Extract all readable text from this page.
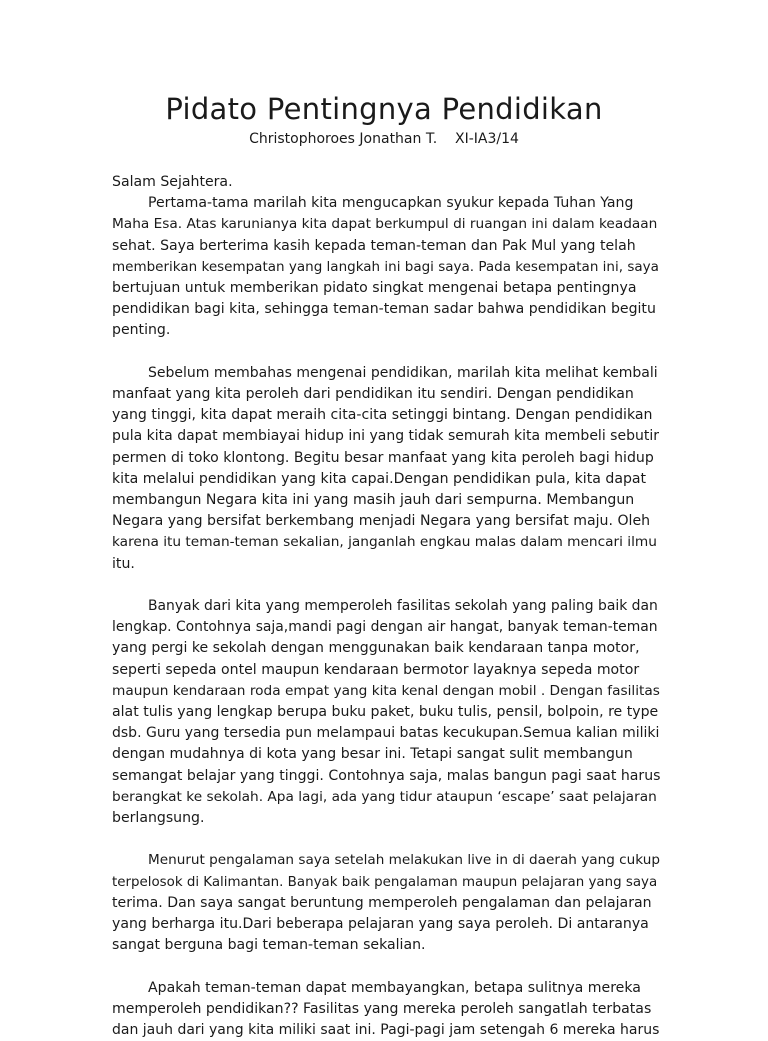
Pidato Pentingnya Pendidikan
Christophoroes Jonathan T. XI-IA3/14
Salam Sejahtera.
Pertama-tama marilah kita mengucapkan syukur kepada Tuhan Yang
Maha Esa. Atas karunianya kita dapat berkumpul di ruangan ini dalam keadaan
sehat. Saya berterima kasih kepada teman-teman dan Pak Mul yang telah
memberikan kesempatan yang langkah ini bagi saya. Pada kesempatan ini, saya
bertujuan untuk memberikan pidato singkat mengenai betapa pentingnya
pendidikan bagi kita, sehingga teman-teman sadar bahwa pendidikan begitu
penting.
Sebelum membahas mengenai pendidikan, marilah kita melihat kembali
manfaat yang kita peroleh dari pendidikan itu sendiri. Dengan pendidikan
yang tinggi, kita dapat meraih cita-cita setinggi bintang. Dengan pendidikan
pula kita dapat membiayai hidup ini yang tidak semurah kita membeli sebutir
permen di toko klontong. Begitu besar manfaat yang kita peroleh bagi hidup
kita melalui pendidikan yang kita capai.Dengan pendidikan pula, kita dapat
membangun Negara kita ini yang masih jauh dari sempurna. Membangun
Negara yang bersifat berkembang menjadi Negara yang bersifat maju. Oleh
karena itu teman-teman sekalian, janganlah engkau malas dalam mencari ilmu
itu.
Banyak dari kita yang memperoleh fasilitas sekolah yang paling baik dan
lengkap. Contohnya saja,mandi pagi dengan air hangat, banyak teman-teman
yang pergi ke sekolah dengan menggunakan baik kendaraan tanpa motor,
seperti sepeda ontel maupun kendaraan bermotor layaknya sepeda motor
maupun kendaraan roda empat yang kita kenal dengan mobil . Dengan fasilitas
alat tulis yang lengkap berupa buku paket, buku tulis, pensil, bolpoin, re type
dsb. Guru yang tersedia pun melampaui batas kecukupan.Semua kalian miliki
dengan mudahnya di kota yang besar ini. Tetapi sangat sulit membangun
semangat belajar yang tinggi. Contohnya saja, malas bangun pagi saat harus
berangkat ke sekolah. Apa lagi, ada yang tidur ataupun ‘escape’ saat pelajaran
berlangsung.
Menurut pengalaman saya setelah melakukan live in di daerah yang cukup
terpelosok di Kalimantan. Banyak baik pengalaman maupun pelajaran yang saya
terima. Dan saya sangat beruntung memperoleh pengalaman dan pelajaran
yang berharga itu.Dari beberapa pelajaran yang saya peroleh. Di antaranya
sangat berguna bagi teman-teman sekalian.
Apakah teman-teman dapat membayangkan, betapa sulitnya mereka
memperoleh pendidikan?? Fasilitas yang mereka peroleh sangatlah terbatas
dan jauh dari yang kita miliki saat ini. Pagi-pagi jam setengah 6 mereka harus
